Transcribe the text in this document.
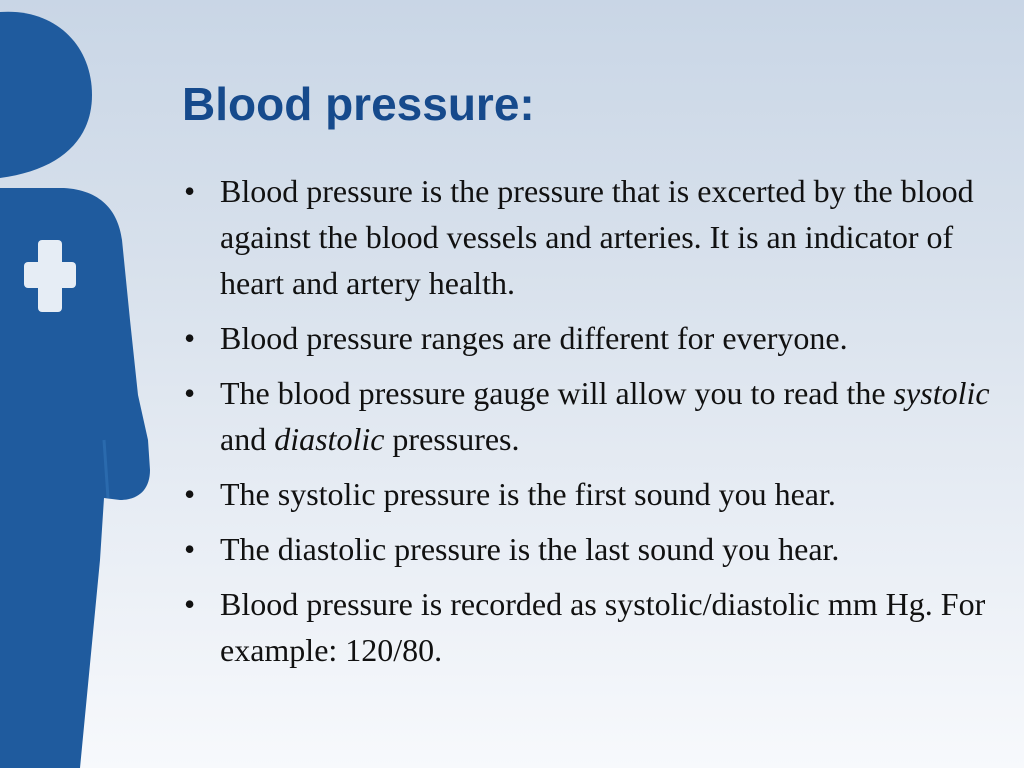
Blood pressure:
• Blood pressure is the pressure that is excerted by the blood against the blood vessels and arteries. It is an indicator of heart and artery health.
• Blood pressure ranges are different for everyone.
• The blood pressure gauge will allow you to read the systolic and diastolic pressures.
• The systolic pressure is the first sound you hear.
• The diastolic pressure is the last sound you hear.
• Blood pressure is recorded as systolic/diastolic mm Hg. For example: 120/80.
